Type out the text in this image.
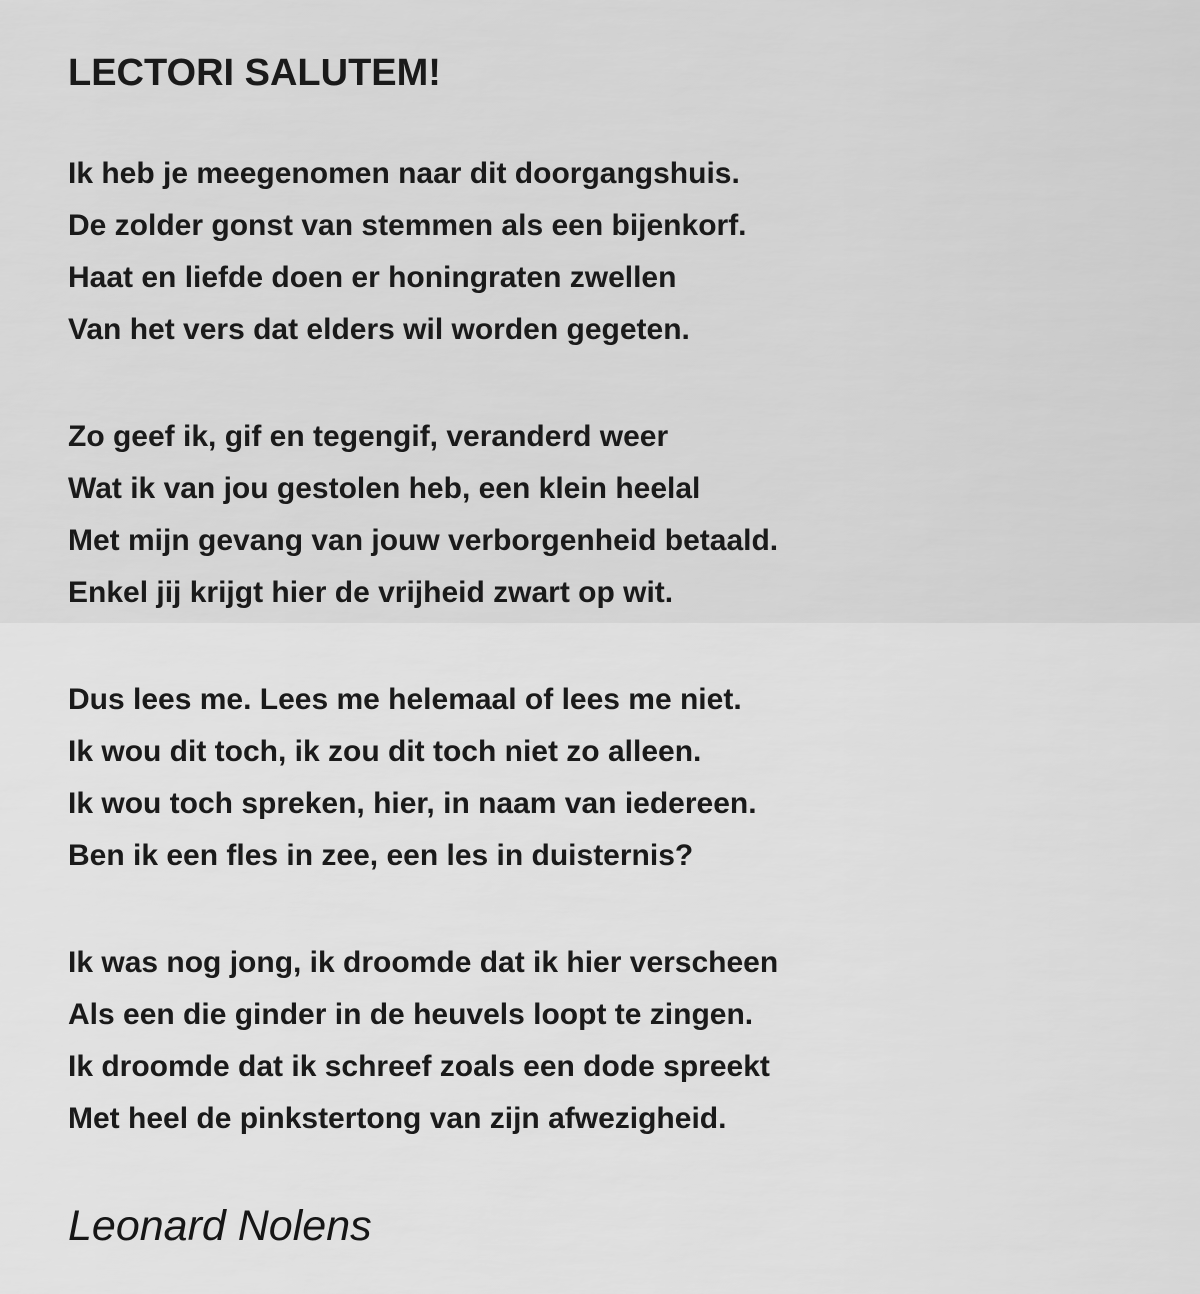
LECTORI SALUTEM!

Ik heb je meegenomen naar dit doorgangshuis.

De zolder gonst van stemmen als een bijenkorf.

Haat en liefde doen er honingraten zwellen

Van het vers dat elders wil worden gegeten.

Zo geef ik, gif en tegengif, veranderd weer

Wat ik van jou gestolen heb, een klein heelal

Met mijn gevang van jouw verborgenheid betaald.

Enkel jij krijgt hier de vrijheid zwart op wit.

Dus lees me. Lees me helemaal of lees me niet.

Ik wou dit toch, ik zou dit toch niet zo alleen.

Ik wou toch spreken, hier, in naam van iedereen.

Ben ik een fles in zee, een les in duisternis?

Ik was nog jong, ik droomde dat ik hier verscheen

Als een die ginder in de heuvels loopt te zingen.

Ik droomde dat ik schreef zoals een dode spreekt

Met heel de pinkstertong van zijn afwezigheid.

Leonard Nolens
